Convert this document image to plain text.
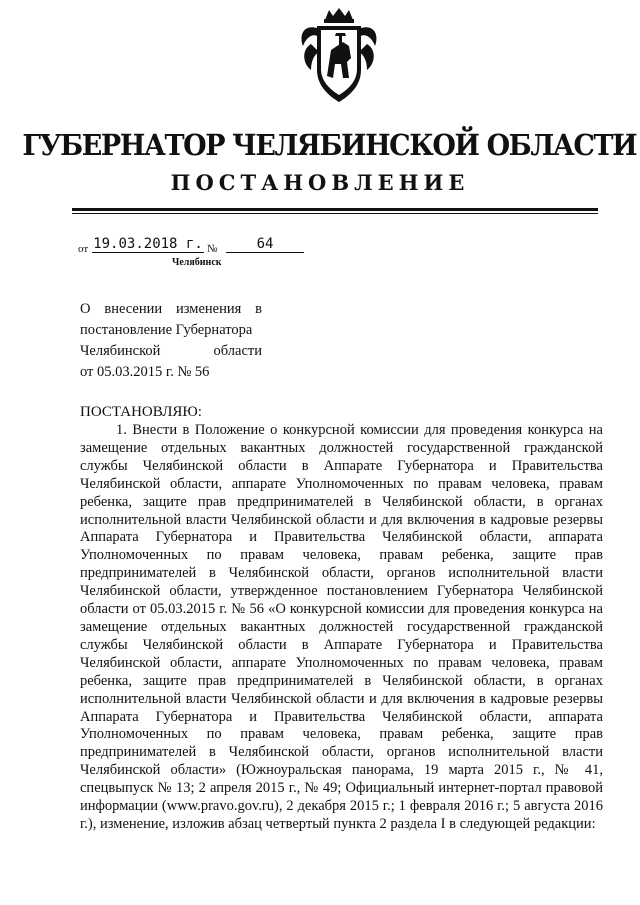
ГУБЕРНАТОР ЧЕЛЯБИНСКОЙ ОБЛАСТИ
ПОСТАНОВЛЕНИЕ
от 19.03.2018 г. №	64
Челябинск
О внесении изменения в
постановление Губернатора
Челябинской области
от 05.03.2015 г. № 56
ПОСТАНОВЛЯЮ:

1. Внести в Положение о конкурсной комиссии для проведения конкурса на замещение отдельных вакантных должностей государственной гражданской службы Челябинской области в Аппарате Губернатора и Правительства Челябинской области, аппарате Уполномоченных по правам человека, правам ребенка, защите прав предпринимателей в Челябинской области, в органах исполнительной власти Челябинской области и для включения в кадровые резервы Аппарата Губернатора и Правительства Челябинской области, аппарата Уполномоченных по правам человека, правам ребенка, защите прав предпринимателей в Челябинской области, органов исполнительной власти Челябинской области, утвержденное постановлением Губернатора Челябинской области от 05.03.2015 г. № 56 «О конкурсной комиссии для проведения конкурса на замещение отдельных вакантных должностей государственной гражданской службы Челябинской области в Аппарате Губернатора и Правительства Челябинской области, аппарате Уполномоченных по правам человека, правам ребенка, защите прав предпринимателей в Челябинской области, в органах исполнительной власти Челябинской области и для включения в кадровые резервы Аппарата Губернатора и Правительства Челябинской области, аппарата Уполномоченных по правам человека, правам ребенка, защите прав предпринимателей в Челябинской области, органов исполнительной власти Челябинской области» (Южноуральская панорама, 19 марта 2015 г., № 41, спецвыпуск № 13; 2 апреля 2015 г., № 49; Официальный интернет-портал правовой информации (www.pravo.gov.ru), 2 декабря 2015 г.; 1 февраля 2016 г.; 5 августа 2016 г.), изменение, изложив абзац четвертый пункта 2 раздела I в следующей редакции:
